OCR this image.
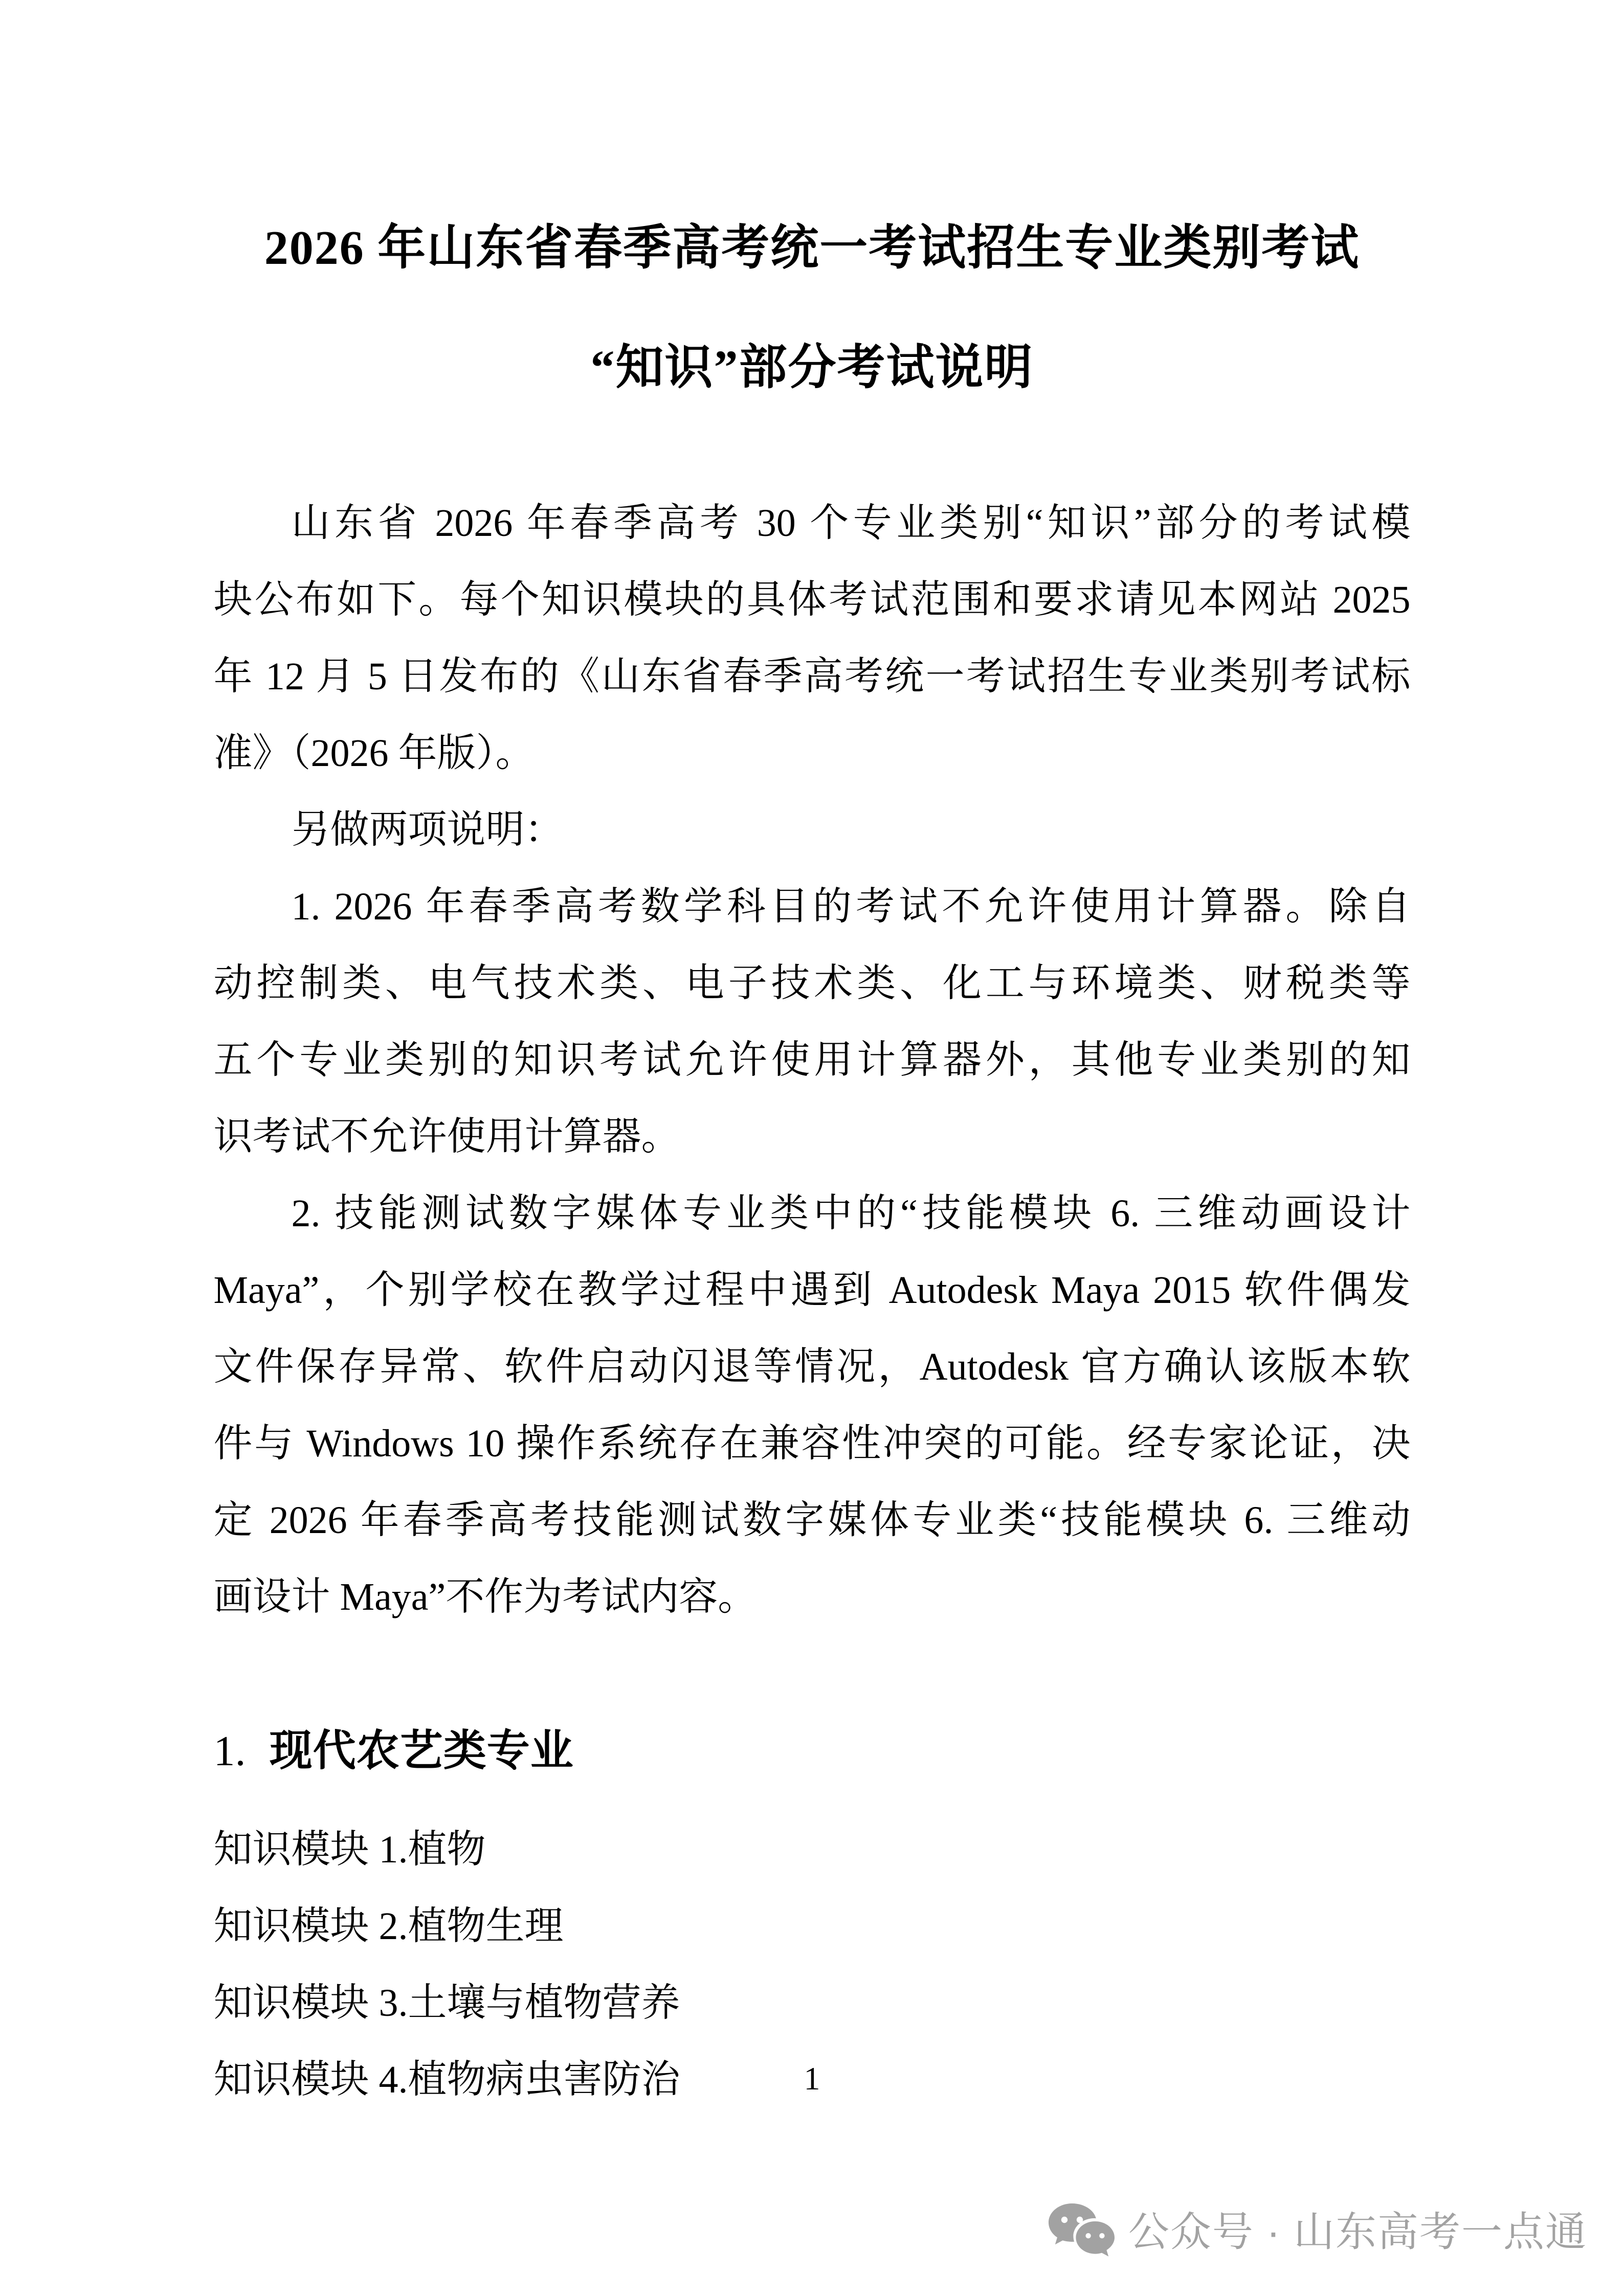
2026 年山东省春季高考统一考试招生专业类别考试
“知识”部分考试说明
山东省 2026 年春季高考 30 个专业类别“知识”部分的考试模
块公布如下。每个知识模块的具体考试范围和要求请见本网站 2025
年 12 月 5 日发布的《山东省春季高考统一考试招生专业类别考试标
准》（2026 年版）。
另做两项说明：
1. 2026 年春季高考数学科目的考试不允许使用计算器。除自
动控制类、电气技术类、电子技术类、化工与环境类、财税类等
五个专业类别的知识考试允许使用计算器外，其他专业类别的知
识考试不允许使用计算器。
2. 技能测试数字媒体专业类中的“技能模块 6. 三维动画设计
Maya”，个别学校在教学过程中遇到 Autodesk Maya 2015 软件偶发
文件保存异常、软件启动闪退等情况，Autodesk 官方确认该版本软
件与 Windows 10 操作系统存在兼容性冲突的可能。经专家论证，决
定 2026 年春季高考技能测试数字媒体专业类“技能模块 6. 三维动
画设计 Maya”不作为考试内容。
1. 现代农艺类专业
知识模块 1.植物
知识模块 2.植物生理
知识模块 3.土壤与植物营养
知识模块 4.植物病虫害防治	1
公众号 · 山东高考一点通
